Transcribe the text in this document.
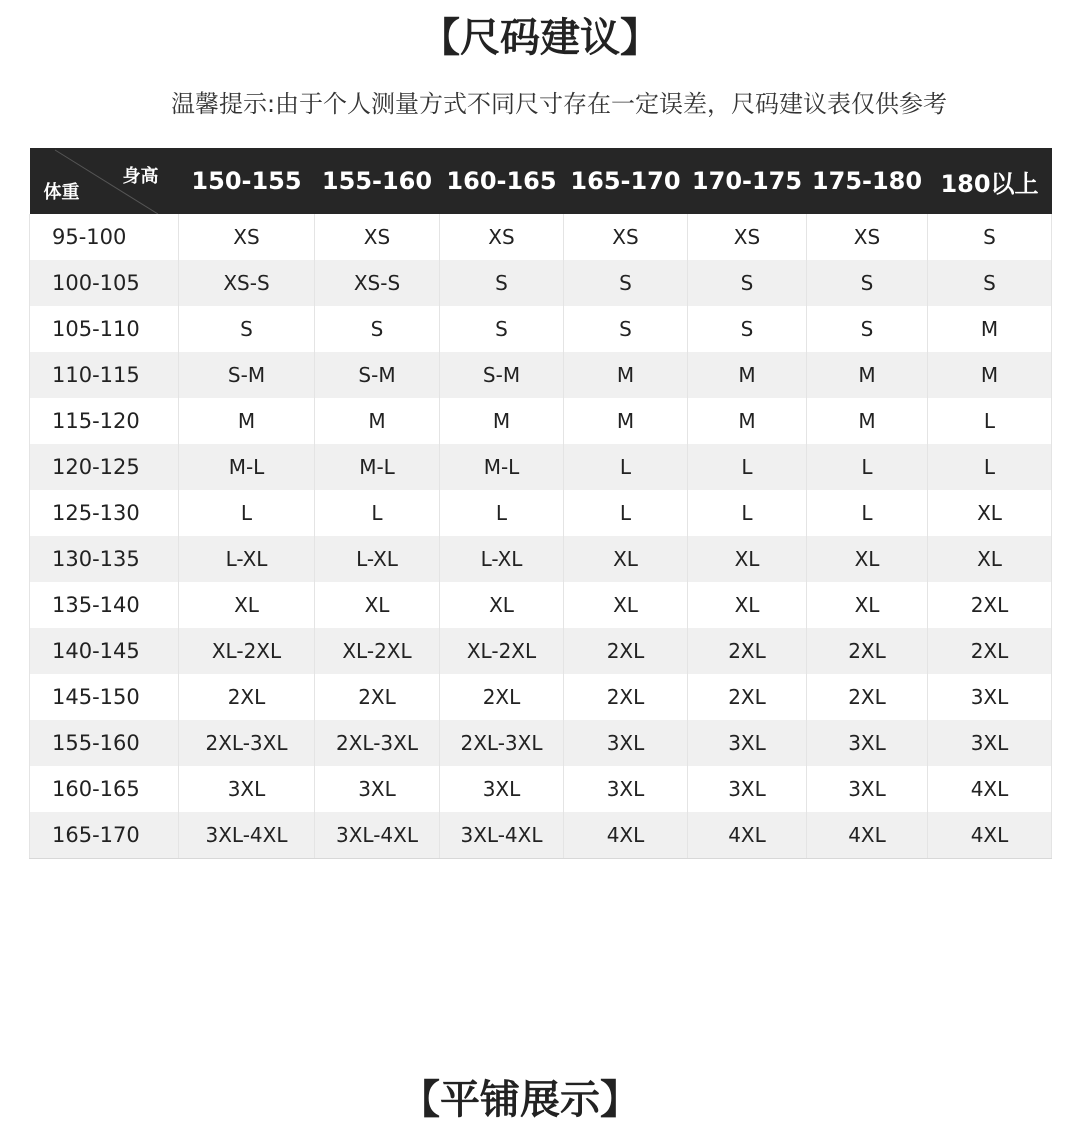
【尺码建议】
温馨提示:由于个人测量方式不同尺寸存在一定误差，尺码建议表仅供参考
身高
体重	150-155	155-160	160-165	165-170	170-175	175-180	180以上
95-100	XS	XS	XS	XS	XS	XS	S
100-105	XS-S	XS-S	S	S	S	S	S
105-110	S	S	S	S	S	S	M
110-115	S-M	S-M	S-M	M	M	M	M
115-120	M	M	M	M	M	M	L
120-125	M-L	M-L	M-L	L	L	L	L
125-130	L	L	L	L	L	L	XL
130-135	L-XL	L-XL	L-XL	XL	XL	XL	XL
135-140	XL	XL	XL	XL	XL	XL	2XL
140-145	XL-2XL	XL-2XL	XL-2XL	2XL	2XL	2XL	2XL
145-150	2XL	2XL	2XL	2XL	2XL	2XL	3XL
155-160	2XL-3XL	2XL-3XL	2XL-3XL	3XL	3XL	3XL	3XL
160-165	3XL	3XL	3XL	3XL	3XL	3XL	4XL
165-170	3XL-4XL	3XL-4XL	3XL-4XL	4XL	4XL	4XL	4XL
【平铺展示】
